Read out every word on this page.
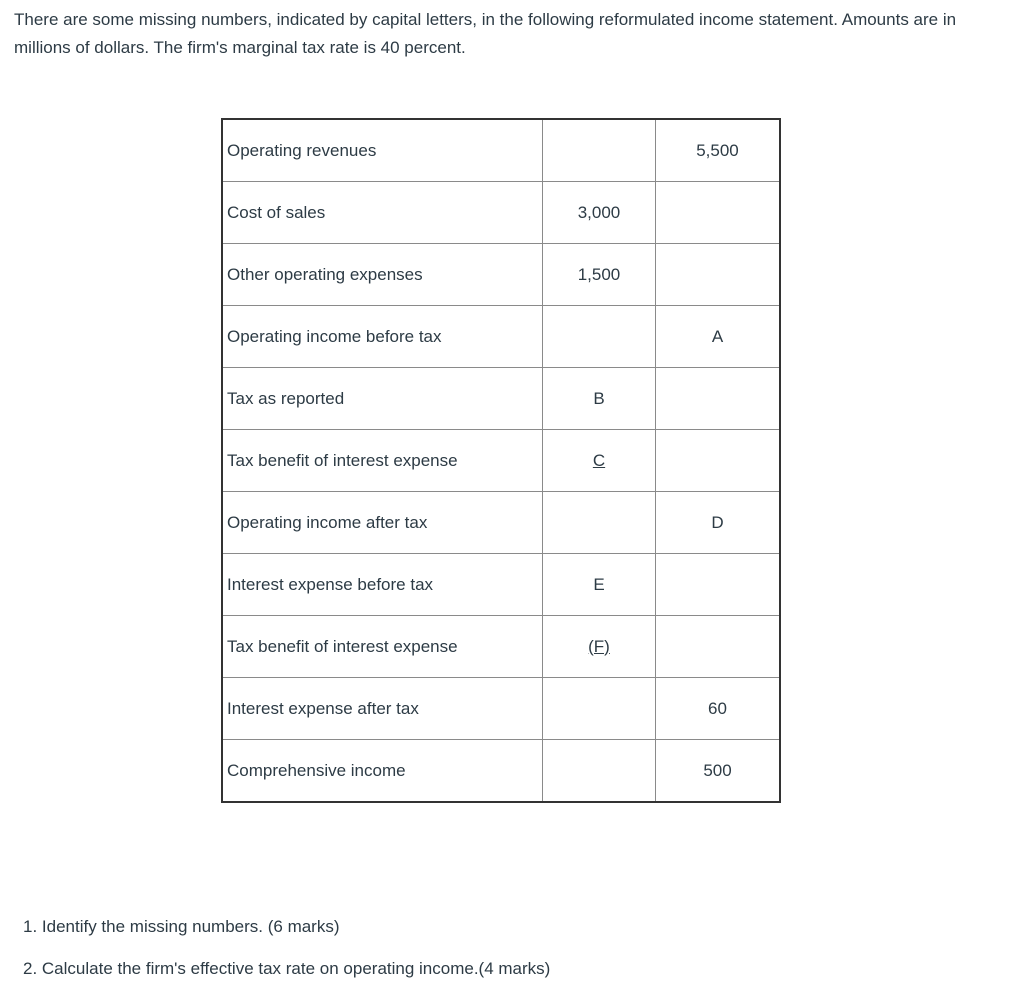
There are some missing numbers, indicated by capital letters, in the following reformulated income statement. Amounts are in millions of dollars. The firm's marginal tax rate is 40 percent.

Operating revenues		5,500
Cost of sales	3,000	
Other operating expenses	1,500	
Operating income before tax		A
Tax as reported	B	
Tax benefit of interest expense	C	
Operating income after tax		D
Interest expense before tax	E	
Tax benefit of interest expense	(F)	
Interest expense after tax		60
Comprehensive income		500
1. Identify the missing numbers. (6 marks)
2. Calculate the firm's effective tax rate on operating income.(4 marks)
